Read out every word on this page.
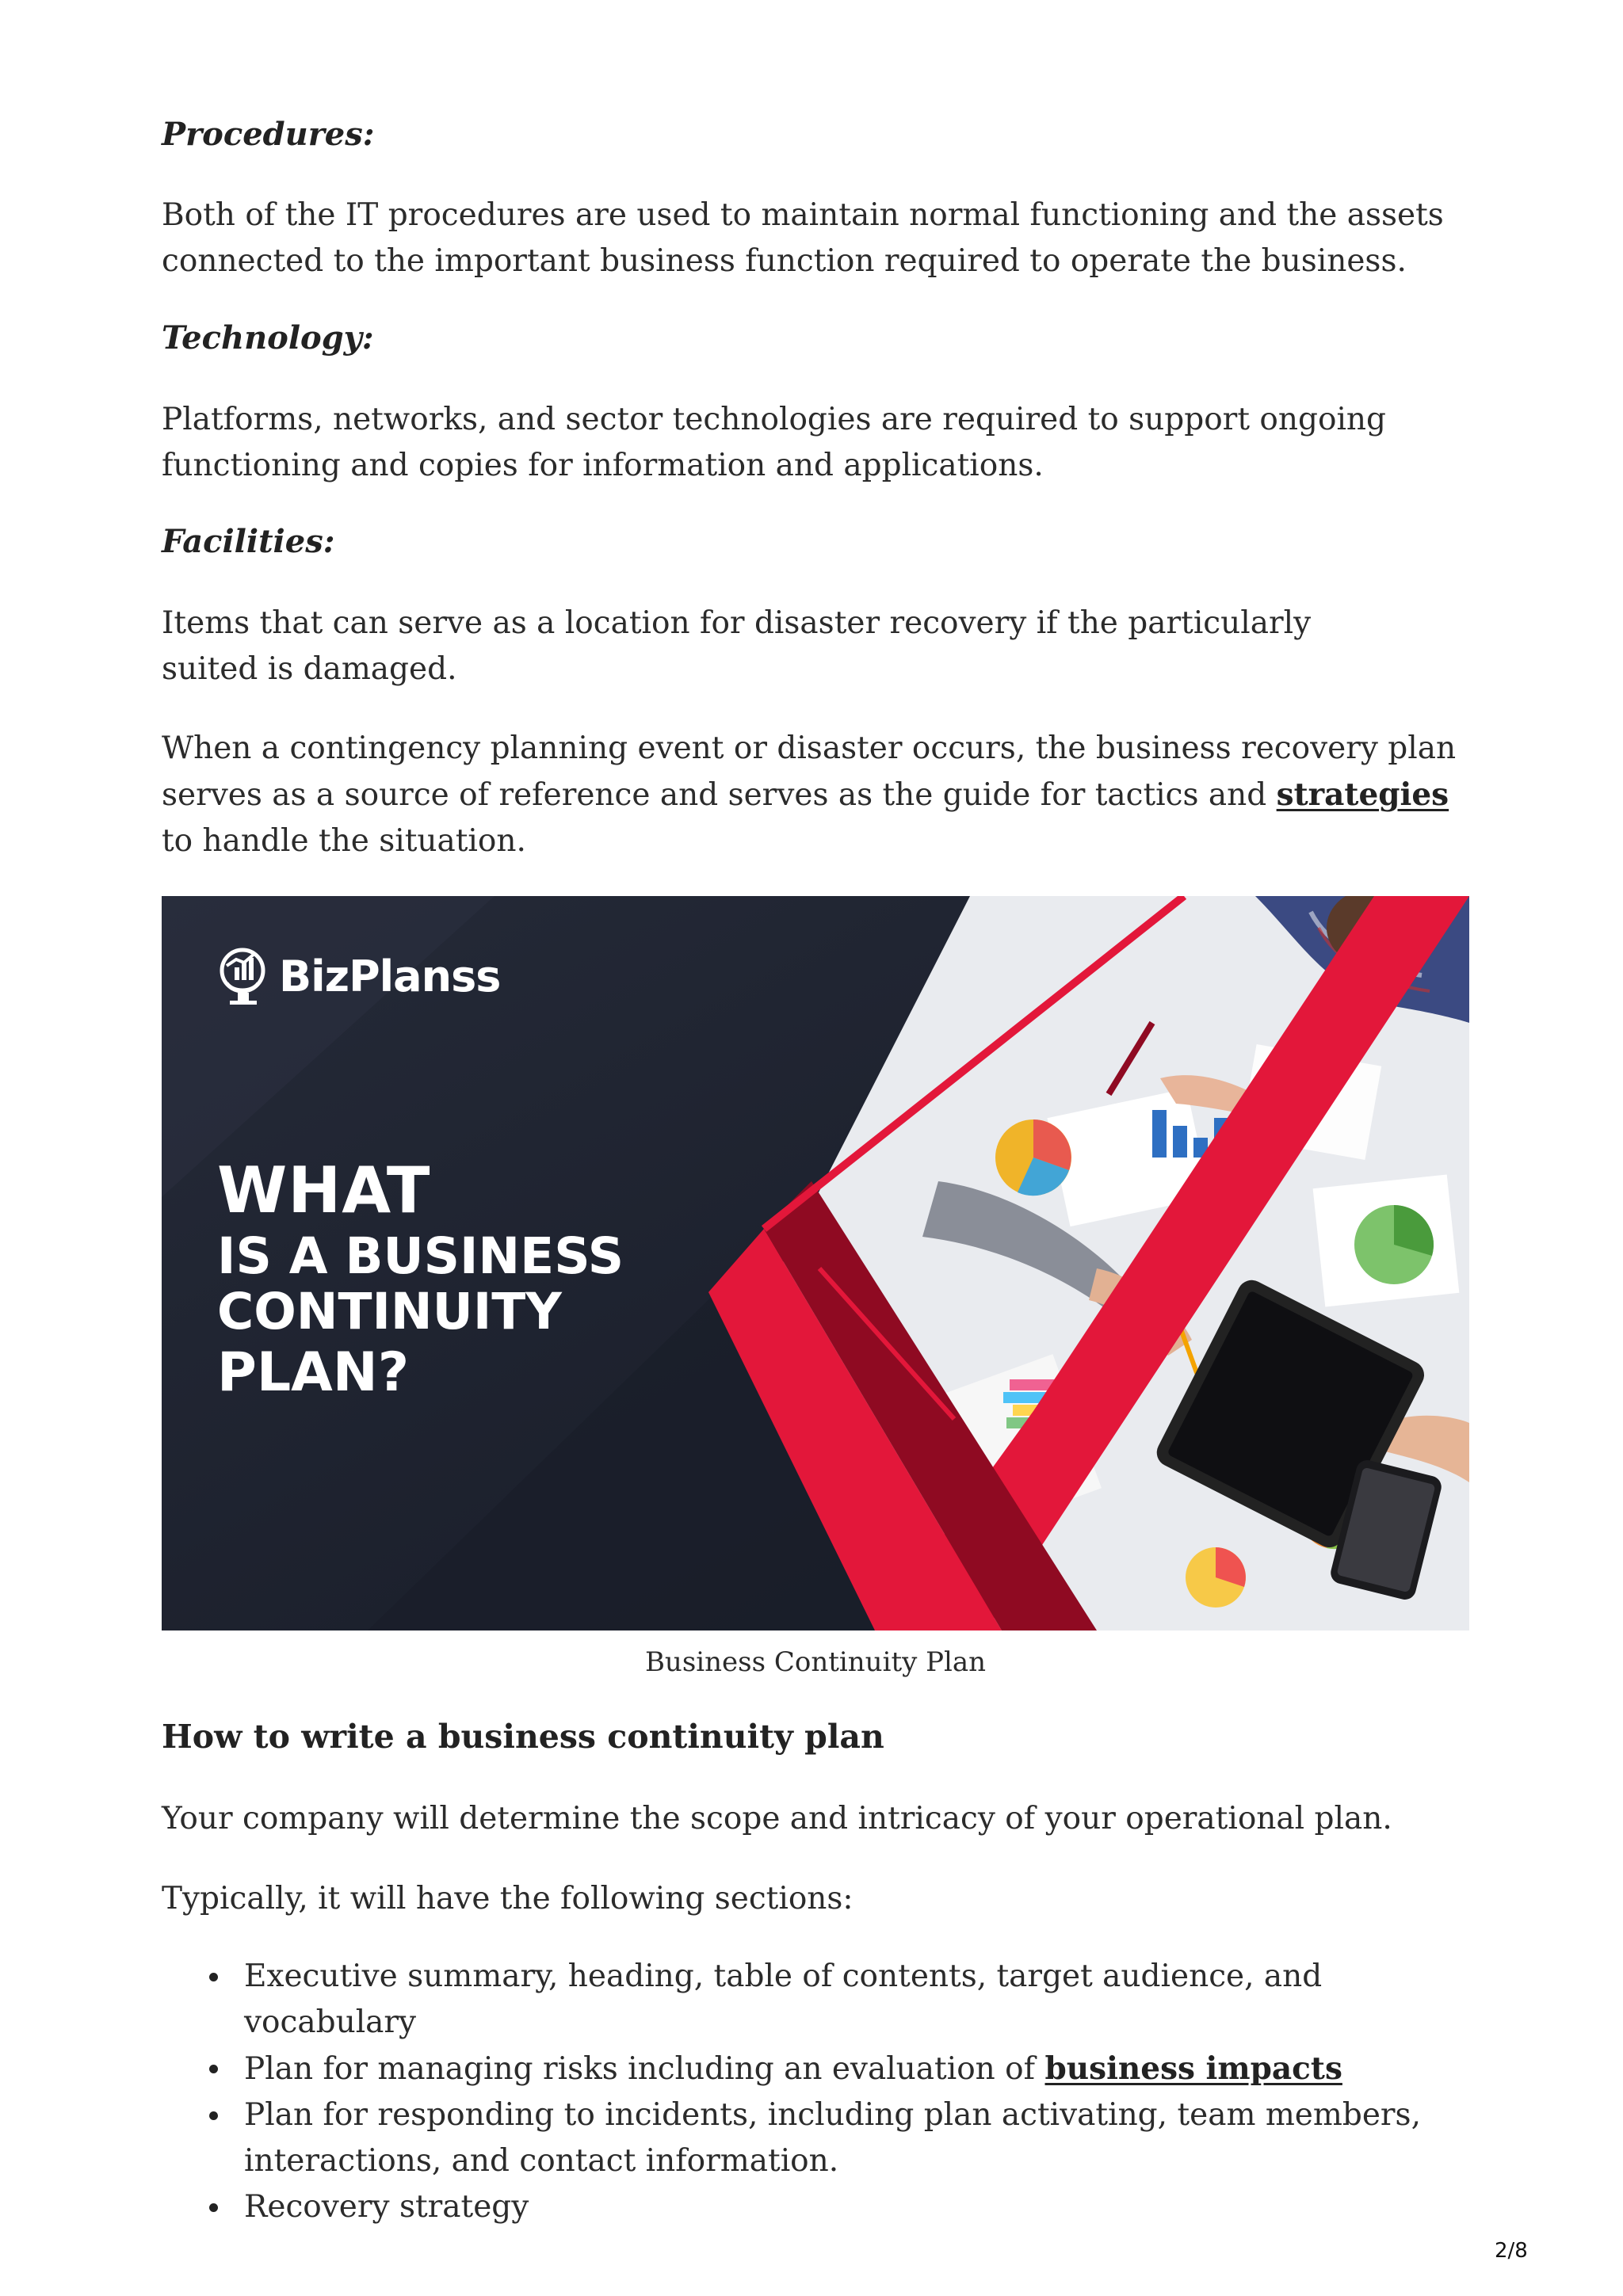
Procedures:

Both of the IT procedures are used to maintain normal functioning and the assets connected to the important business function required to operate the business.

Technology:

Platforms, networks, and sector technologies are required to support ongoing functioning and copies for information and applications.

Facilities:

Items that can serve as a location for disaster recovery if the particularly suited is damaged.

When a contingency planning event or disaster occurs, the business recovery plan serves as a source of reference and serves as the guide for tactics and strategies to handle the situation.

BizPlanss
WHAT
IS A BUSINESS
CONTINUITY
PLAN?

Business Continuity Plan

How to write a business continuity plan

Your company will determine the scope and intricacy of your operational plan.

Typically, it will have the following sections:

Executive summary, heading, table of contents, target audience, and vocabulary
Plan for managing risks including an evaluation of business impacts
Plan for responding to incidents, including plan activating, team members, interactions, and contact information.
Recovery strategy
2/8
